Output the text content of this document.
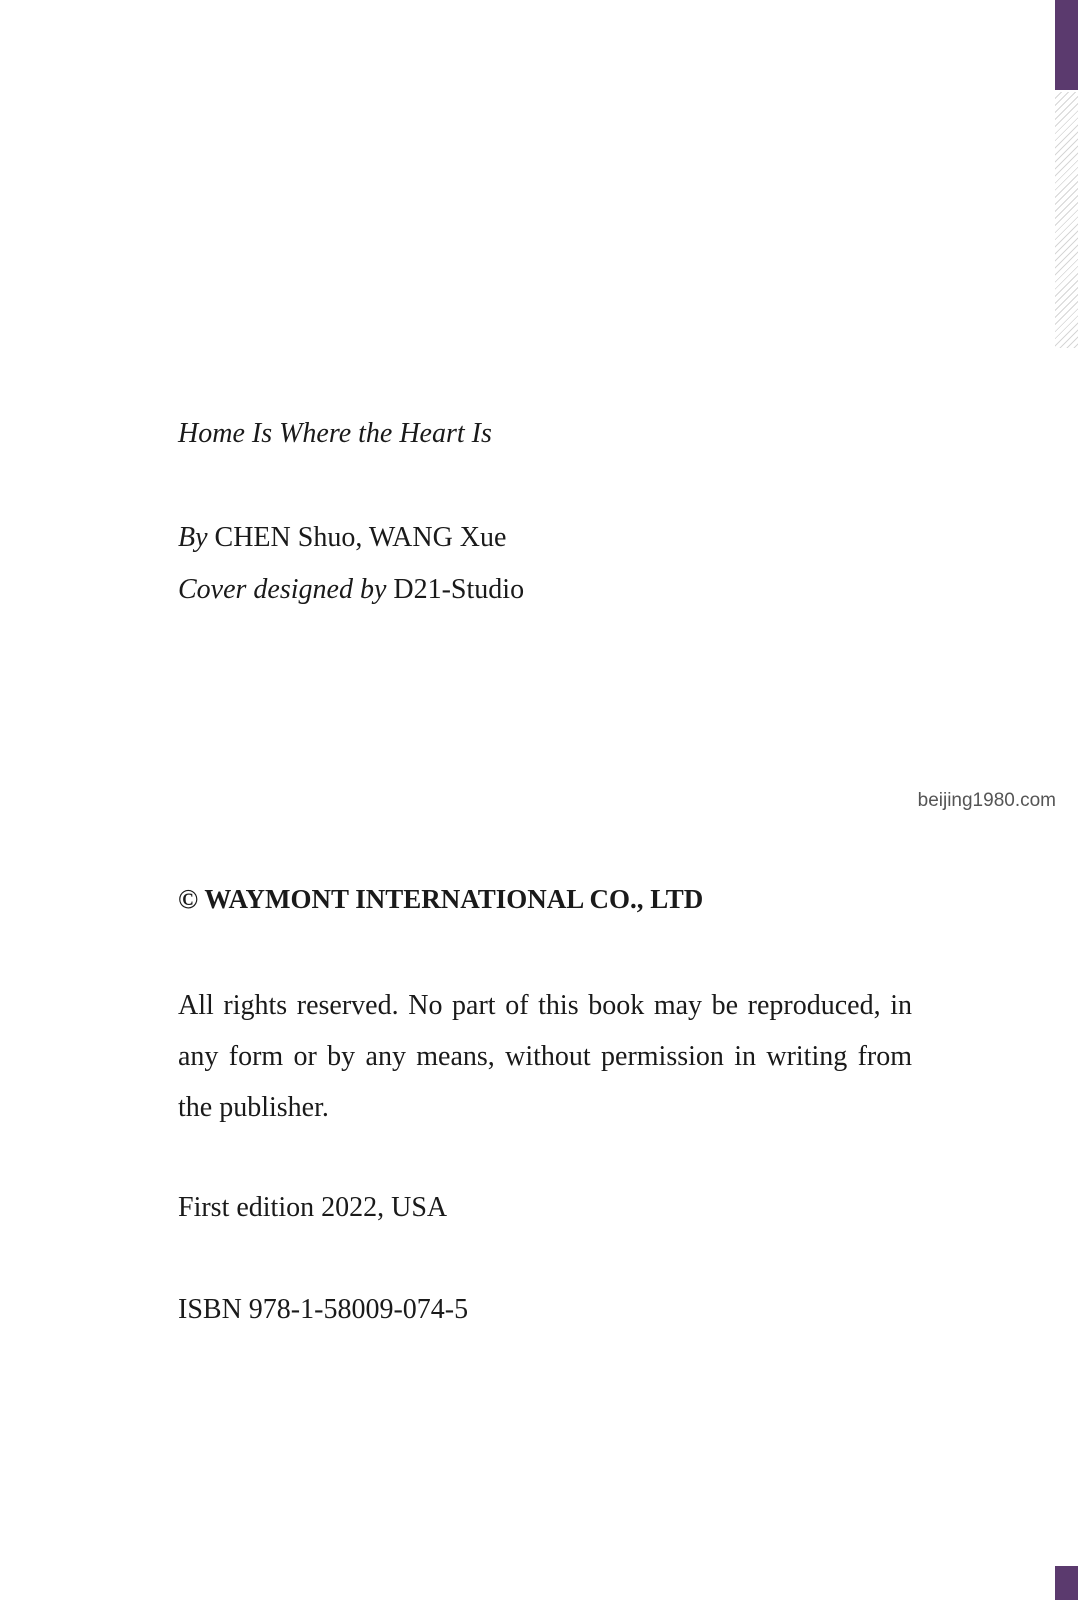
Home Is Where the Heart Is
By CHEN Shuo, WANG Xue
Cover designed by D21-Studio
beijing1980.com
© WAYMONT INTERNATIONAL CO., LTD
All rights reserved. No part of this book may be reproduced, in any form or by any means, without permission in writing from the publisher.
First edition 2022, USA
ISBN 978-1-58009-074-5
